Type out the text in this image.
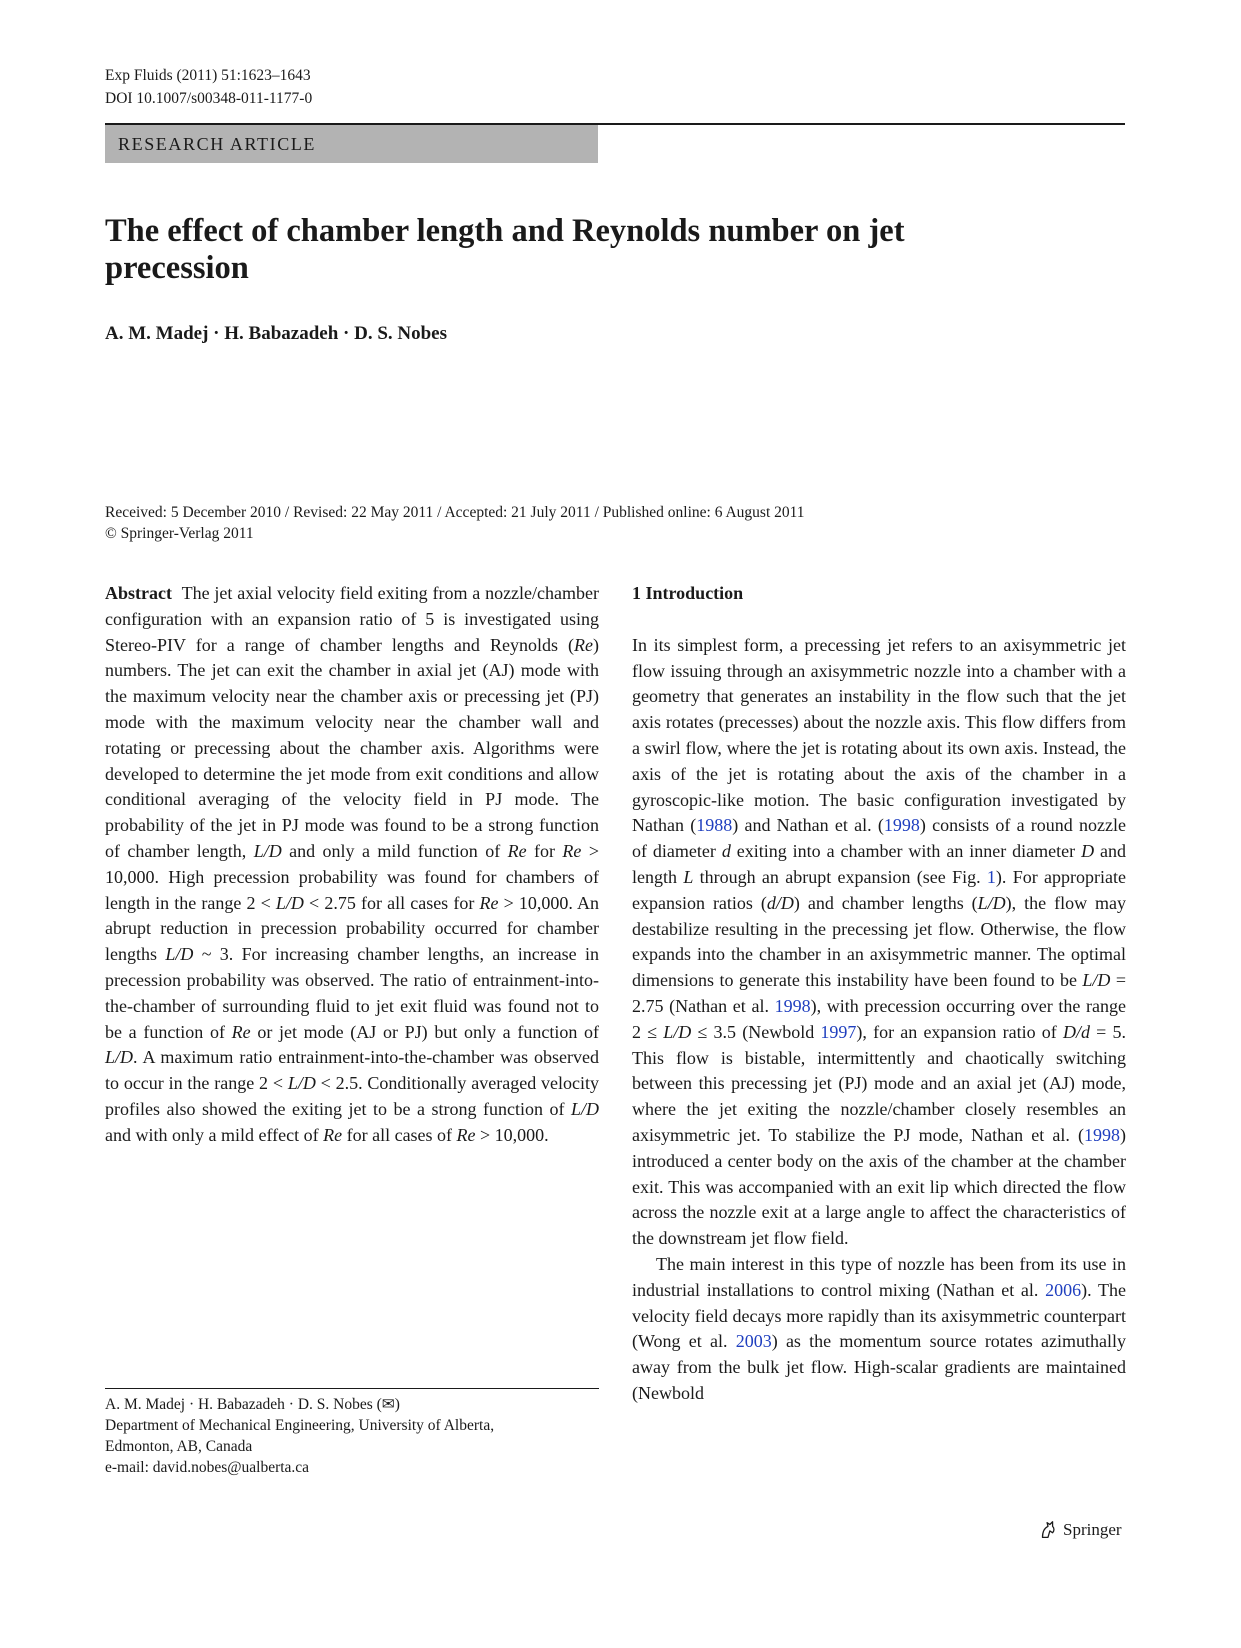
Exp Fluids (2011) 51:1623–1643
DOI 10.1007/s00348-011-1177-0
RESEARCH ARTICLE
The effect of chamber length and Reynolds number on jet precession
A. M. Madej · H. Babazadeh · D. S. Nobes
Received: 5 December 2010 / Revised: 22 May 2011 / Accepted: 21 July 2011 / Published online: 6 August 2011
© Springer-Verlag 2011

Abstract The jet axial velocity field exiting from a nozzle/chamber configuration with an expansion ratio of 5 is investigated using Stereo-PIV for a range of chamber lengths and Reynolds (Re) numbers. The jet can exit the chamber in axial jet (AJ) mode with the maximum velocity near the chamber axis or precessing jet (PJ) mode with the maximum velocity near the chamber wall and rotating or precessing about the chamber axis. Algorithms were developed to determine the jet mode from exit conditions and allow conditional averaging of the velocity field in PJ mode. The probability of the jet in PJ mode was found to be a strong function of chamber length, L/D and only a mild function of Re for Re > 10,000. High precession probability was found for chambers of length in the range 2 < L/D < 2.75 for all cases for Re > 10,000. An abrupt reduction in precession probability occurred for chamber lengths L/D ~ 3. For increasing chamber lengths, an increase in precession probability was observed. The ratio of entrainment-into-the-chamber of surrounding fluid to jet exit fluid was found not to be a function of Re or jet mode (AJ or PJ) but only a function of L/D. A maximum ratio entrainment-into-the-chamber was observed to occur in the range 2 < L/D < 2.5. Conditionally averaged velocity profiles also showed the exiting jet to be a strong function of L/D and with only a mild effect of Re for all cases of Re > 10,000.

1 Introduction

In its simplest form, a precessing jet refers to an axisymmetric jet flow issuing through an axisymmetric nozzle into a chamber with a geometry that generates an instability in the flow such that the jet axis rotates (precesses) about the nozzle axis. This flow differs from a swirl flow, where the jet is rotating about its own axis. Instead, the axis of the jet is rotating about the axis of the chamber in a gyroscopic-like motion. The basic configuration investigated by Nathan (1988) and Nathan et al. (1998) consists of a round nozzle of diameter d exiting into a chamber with an inner diameter D and length L through an abrupt expansion (see Fig. 1). For appropriate expansion ratios (d/D) and chamber lengths (L/D), the flow may destabilize resulting in the precessing jet flow. Otherwise, the flow expands into the chamber in an axisymmetric manner. The optimal dimensions to generate this instability have been found to be L/D = 2.75 (Nathan et al. 1998), with precession occurring over the range 2 ≤ L/D ≤ 3.5 (Newbold 1997), for an expansion ratio of D/d = 5. This flow is bistable, intermittently and chaotically switching between this precessing jet (PJ) mode and an axial jet (AJ) mode, where the jet exiting the nozzle/chamber closely resembles an axisymmetric jet. To stabilize the PJ mode, Nathan et al. (1998) introduced a center body on the axis of the chamber at the chamber exit. This was accompanied with an exit lip which directed the flow across the nozzle exit at a large angle to affect the characteristics of the downstream jet flow field.

The main interest in this type of nozzle has been from its use in industrial installations to control mixing (Nathan et al. 2006). The velocity field decays more rapidly than its axisymmetric counterpart (Wong et al. 2003) as the momentum source rotates azimuthally away from the bulk jet flow. High-scalar gradients are maintained (Newbold

A. M. Madej · H. Babazadeh · D. S. Nobes (✉)
Department of Mechanical Engineering, University of Alberta,
Edmonton, AB, Canada
e-mail: david.nobes@ualberta.ca
Springer
